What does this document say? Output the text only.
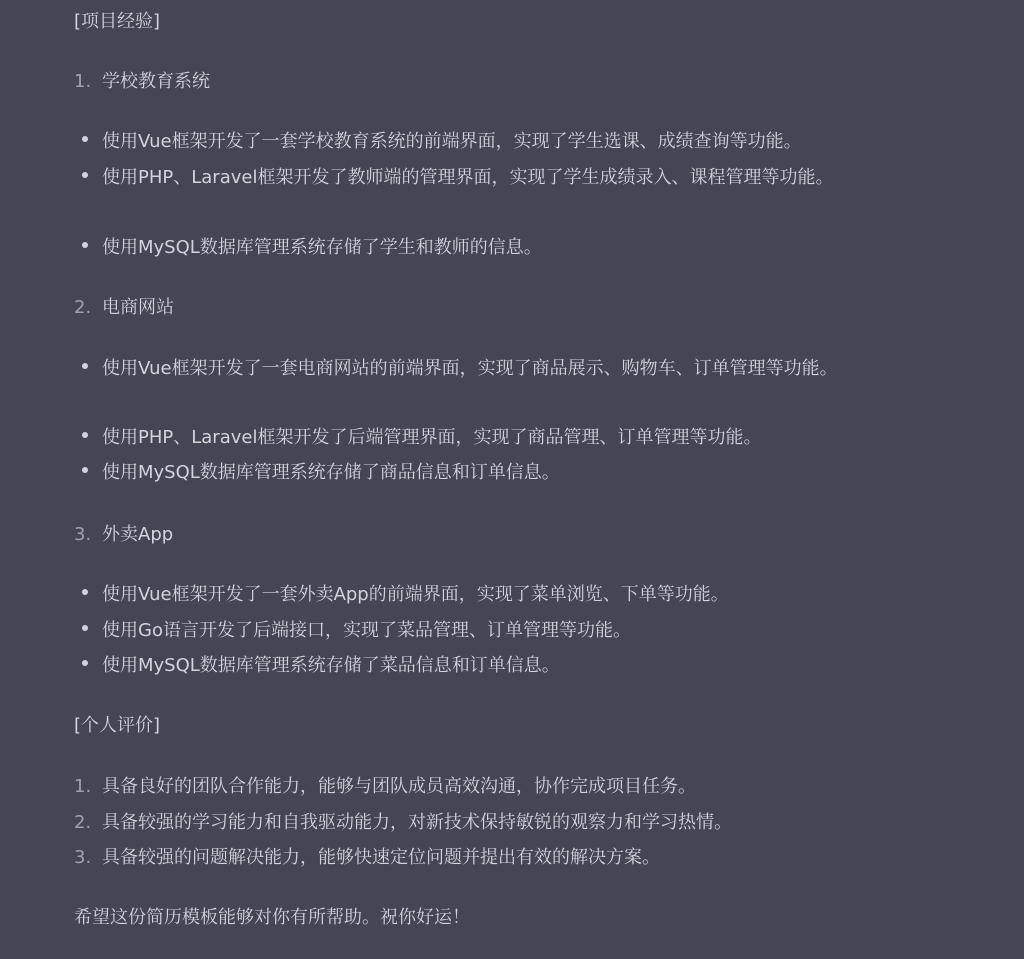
[项目经验]
1. 学校教育系统
使用Vue框架开发了一套学校教育系统的前端界面，实现了学生选课、成绩查询等功能。
使用PHP、Laravel框架开发了教师端的管理界面，实现了学生成绩录入、课程管理等功能。
使用MySQL数据库管理系统存储了学生和教师的信息。
2. 电商网站
使用Vue框架开发了一套电商网站的前端界面，实现了商品展示、购物车、订单管理等功能。
使用PHP、Laravel框架开发了后端管理界面，实现了商品管理、订单管理等功能。
使用MySQL数据库管理系统存储了商品信息和订单信息。
3. 外卖App
使用Vue框架开发了一套外卖App的前端界面，实现了菜单浏览、下单等功能。
使用Go语言开发了后端接口，实现了菜品管理、订单管理等功能。
使用MySQL数据库管理系统存储了菜品信息和订单信息。
[个人评价]
1. 具备良好的团队合作能力，能够与团队成员高效沟通，协作完成项目任务。
2. 具备较强的学习能力和自我驱动能力，对新技术保持敏锐的观察力和学习热情。
3. 具备较强的问题解决能力，能够快速定位问题并提出有效的解决方案。
希望这份简历模板能够对你有所帮助。祝你好运！
